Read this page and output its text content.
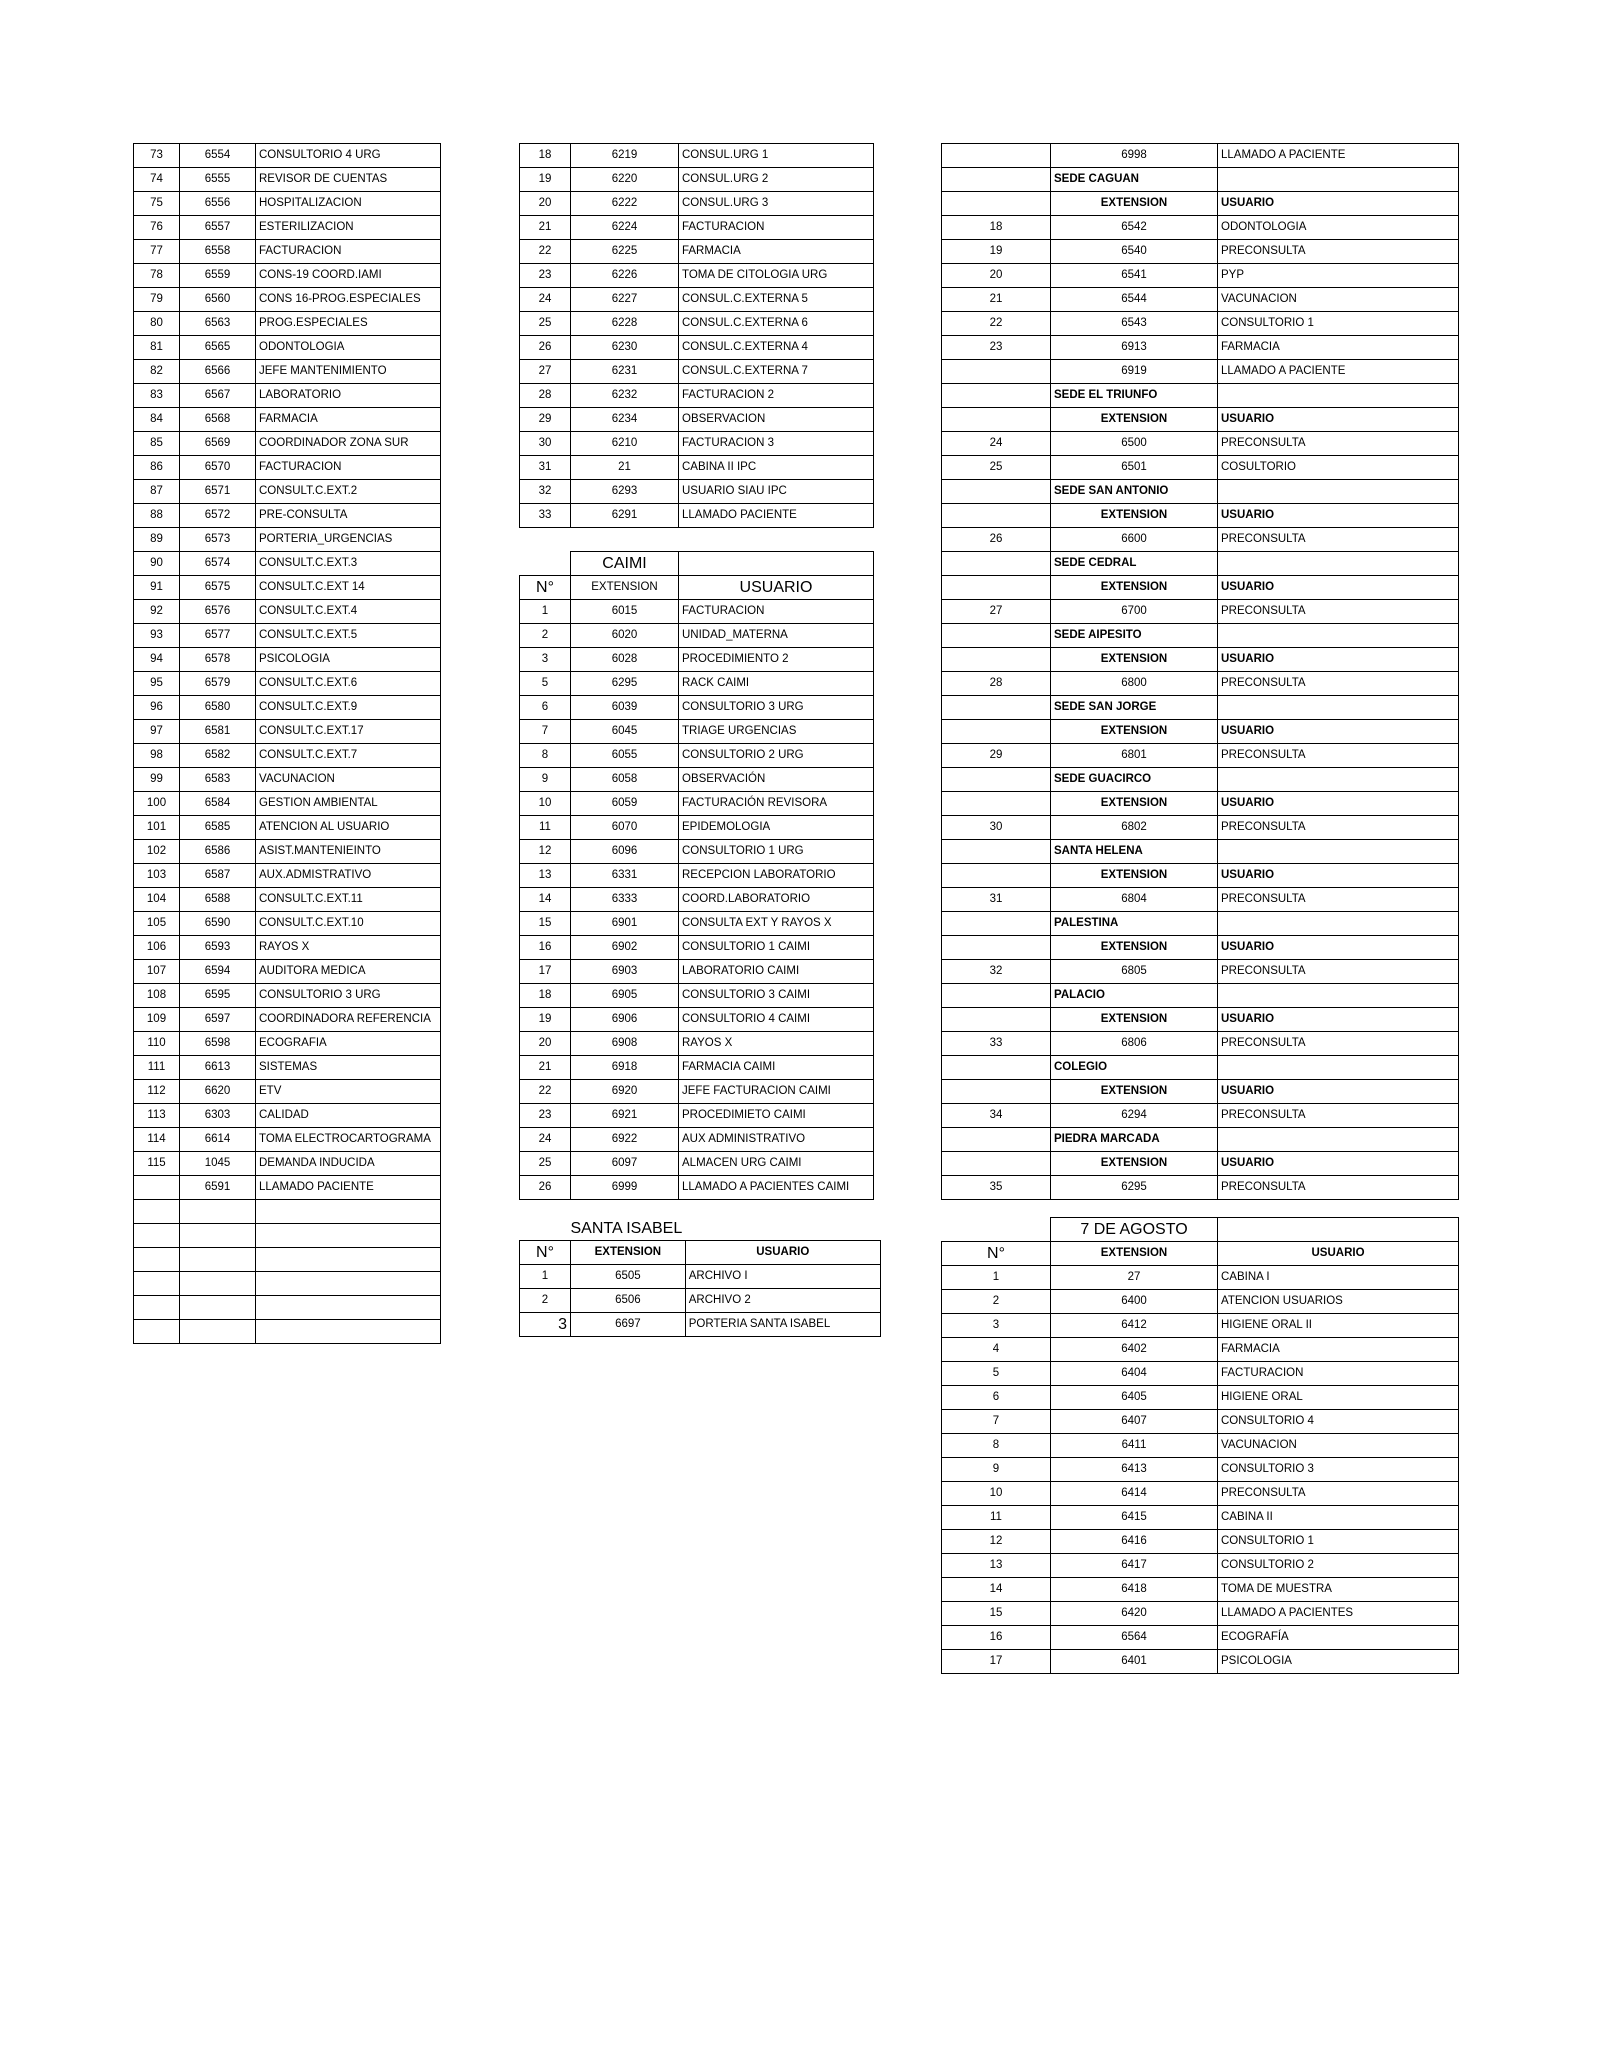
73	6554	CONSULTORIO 4 URG
74	6555	REVISOR DE CUENTAS
75	6556	HOSPITALIZACION
76	6557	ESTERILIZACION
77	6558	FACTURACION
78	6559	CONS-19 COORD.IAMI
79	6560	CONS 16-PROG.ESPECIALES
80	6563	PROG.ESPECIALES
81	6565	ODONTOLOGIA
82	6566	JEFE MANTENIMIENTO
83	6567	LABORATORIO
84	6568	FARMACIA
85	6569	COORDINADOR ZONA SUR
86	6570	FACTURACION
87	6571	CONSULT.C.EXT.2
88	6572	PRE-CONSULTA
89	6573	PORTERIA_URGENCIAS
90	6574	CONSULT.C.EXT.3
91	6575	CONSULT.C.EXT 14
92	6576	CONSULT.C.EXT.4
93	6577	CONSULT.C.EXT.5
94	6578	PSICOLOGIA
95	6579	CONSULT.C.EXT.6
96	6580	CONSULT.C.EXT.9
97	6581	CONSULT.C.EXT.17
98	6582	CONSULT.C.EXT.7
99	6583	VACUNACION
100	6584	GESTION AMBIENTAL
101	6585	ATENCION AL USUARIO
102	6586	ASIST.MANTENIEINTO
103	6587	AUX.ADMISTRATIVO
104	6588	CONSULT.C.EXT.11
105	6590	CONSULT.C.EXT.10
106	6593	RAYOS X
107	6594	AUDITORA MEDICA
108	6595	CONSULTORIO 3 URG
109	6597	COORDINADORA REFERENCIA
110	6598	ECOGRAFIA
111	6613	SISTEMAS
112	6620	ETV
113	6303	CALIDAD
114	6614	TOMA ELECTROCARTOGRAMA
115	1045	DEMANDA INDUCIDA
	6591	LLAMADO PACIENTE

18	6219	CONSUL.URG 1
19	6220	CONSUL.URG 2
20	6222	CONSUL.URG 3
21	6224	FACTURACION
22	6225	FARMACIA
23	6226	TOMA DE CITOLOGIA URG
24	6227	CONSUL.C.EXTERNA 5
25	6228	CONSUL.C.EXTERNA 6
26	6230	CONSUL.C.EXTERNA 4
27	6231	CONSUL.C.EXTERNA 7
28	6232	FACTURACION 2
29	6234	OBSERVACION
30	6210	FACTURACION 3
31	21	CABINA II IPC
32	6293	USUARIO SIAU IPC
33	6291	LLAMADO PACIENTE

	CAIMI	
N°	EXTENSION	USUARIO
1	6015	FACTURACION
2	6020	UNIDAD_MATERNA
3	6028	PROCEDIMIENTO 2
5	6295	RACK CAIMI
6	6039	CONSULTORIO 3 URG
7	6045	TRIAGE URGENCIAS
8	6055	CONSULTORIO 2 URG
9	6058	OBSERVACIÓN
10	6059	FACTURACIÓN REVISORA
11	6070	EPIDEMOLOGIA
12	6096	CONSULTORIO 1 URG
13	6331	RECEPCION LABORATORIO
14	6333	COORD.LABORATORIO
15	6901	CONSULTA EXT Y RAYOS X
16	6902	CONSULTORIO 1 CAIMI
17	6903	LABORATORIO CAIMI
18	6905	CONSULTORIO 3 CAIMI
19	6906	CONSULTORIO 4 CAIMI
20	6908	RAYOS X
21	6918	FARMACIA CAIMI
22	6920	JEFE FACTURACION CAIMI
23	6921	PROCEDIMIETO CAIMI
24	6922	AUX ADMINISTRATIVO
25	6097	ALMACEN URG CAIMI
26	6999	LLAMADO A PACIENTES CAIMI
	6998	LLAMADO A PACIENTE
	SEDE CAGUAN	
	EXTENSION	USUARIO
18	6542	ODONTOLOGIA
19	6540	PRECONSULTA
20	6541	PYP
21	6544	VACUNACION
22	6543	CONSULTORIO 1
23	6913	FARMACIA
	6919	LLAMADO A PACIENTE
	SEDE EL TRIUNFO	
	EXTENSION	USUARIO
24	6500	PRECONSULTA
25	6501	COSULTORIO
	SEDE SAN ANTONIO	
	EXTENSION	USUARIO
26	6600	PRECONSULTA
	SEDE CEDRAL	
	EXTENSION	USUARIO
27	6700	PRECONSULTA
	SEDE AIPESITO	
	EXTENSION	USUARIO
28	6800	PRECONSULTA
	SEDE SAN JORGE	
	EXTENSION	USUARIO
29	6801	PRECONSULTA
	SEDE GUACIRCO	
	EXTENSION	USUARIO
30	6802	PRECONSULTA
	SANTA HELENA	
	EXTENSION	USUARIO
31	6804	PRECONSULTA
	PALESTINA	
	EXTENSION	USUARIO
32	6805	PRECONSULTA
	PALACIO	
	EXTENSION	USUARIO
33	6806	PRECONSULTA
	COLEGIO	
	EXTENSION	USUARIO
34	6294	PRECONSULTA
	PIEDRA MARCADA	
	EXTENSION	USUARIO
35	6295	PRECONSULTA
	SANTA ISABEL	
N°	EXTENSION	USUARIO
1	6505	ARCHIVO I
2	6506	ARCHIVO 2
3	6697	PORTERIA SANTA ISABEL
	7 DE AGOSTO	
N°	EXTENSION	USUARIO
1	27	CABINA I
2	6400	ATENCION USUARIOS
3	6412	HIGIENE ORAL II
4	6402	FARMACIA
5	6404	FACTURACION
6	6405	HIGIENE ORAL
7	6407	CONSULTORIO 4
8	6411	VACUNACION
9	6413	CONSULTORIO 3
10	6414	PRECONSULTA
11	6415	CABINA II
12	6416	CONSULTORIO 1
13	6417	CONSULTORIO 2
14	6418	TOMA DE MUESTRA
15	6420	LLAMADO A PACIENTES
16	6564	ECOGRAFÍA
17	6401	PSICOLOGIA
